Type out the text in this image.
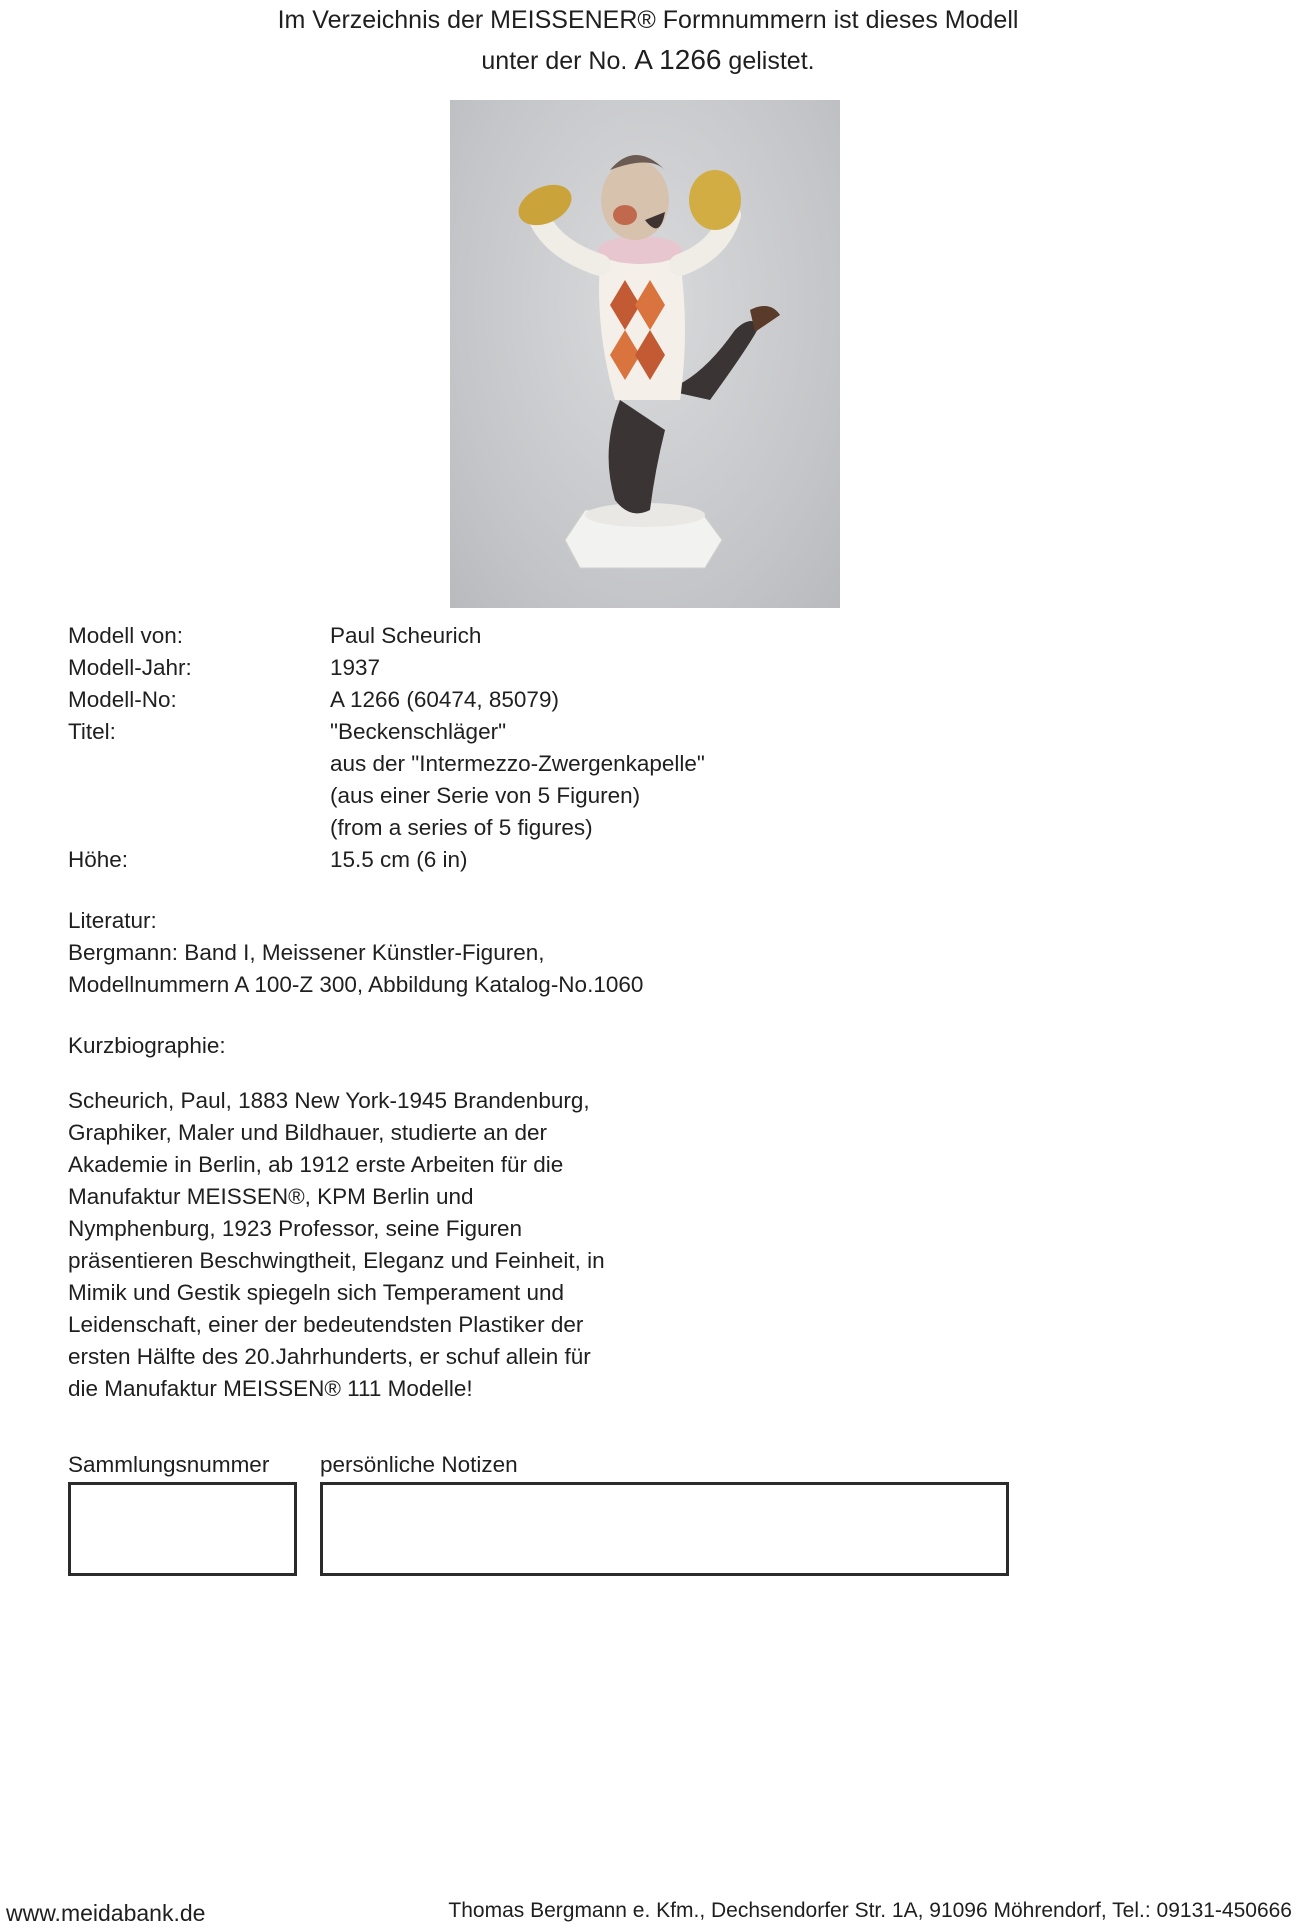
Im Verzeichnis der MEISSENER® Formnummern ist dieses Modell
unter der No. A 1266 gelistet.
Modell von:	Paul Scheurich
Modell-Jahr:	1937
Modell-No:	A 1266 (60474, 85079)
Titel:	"Beckenschläger"
aus der "Intermezzo-Zwergenkapelle"
(aus einer Serie von 5 Figuren)
(from a series of 5 figures)
Höhe:	15.5 cm (6 in)
Literatur:
Bergmann: Band I, Meissener Künstler-Figuren,
Modellnummern A 100-Z 300, Abbildung Katalog-No.1060
Kurzbiographie:
Scheurich, Paul, 1883 New York-1945 Brandenburg,
Graphiker, Maler und Bildhauer, studierte an der
Akademie in Berlin, ab 1912 erste Arbeiten für die
Manufaktur MEISSEN®, KPM Berlin und
Nymphenburg, 1923 Professor, seine Figuren
präsentieren Beschwingtheit, Eleganz und Feinheit, in
Mimik und Gestik spiegeln sich Temperament und
Leidenschaft, einer der bedeutendsten Plastiker der
ersten Hälfte des 20.Jahrhunderts, er schuf allein für
die Manufaktur MEISSEN® 111 Modelle!
Sammlungsnummer persönliche Notizen
www.meidabank.de	Thomas Bergmann e. Kfm., Dechsendorfer Str. 1A, 91096 Möhrendorf, Tel.: 09131-450666
